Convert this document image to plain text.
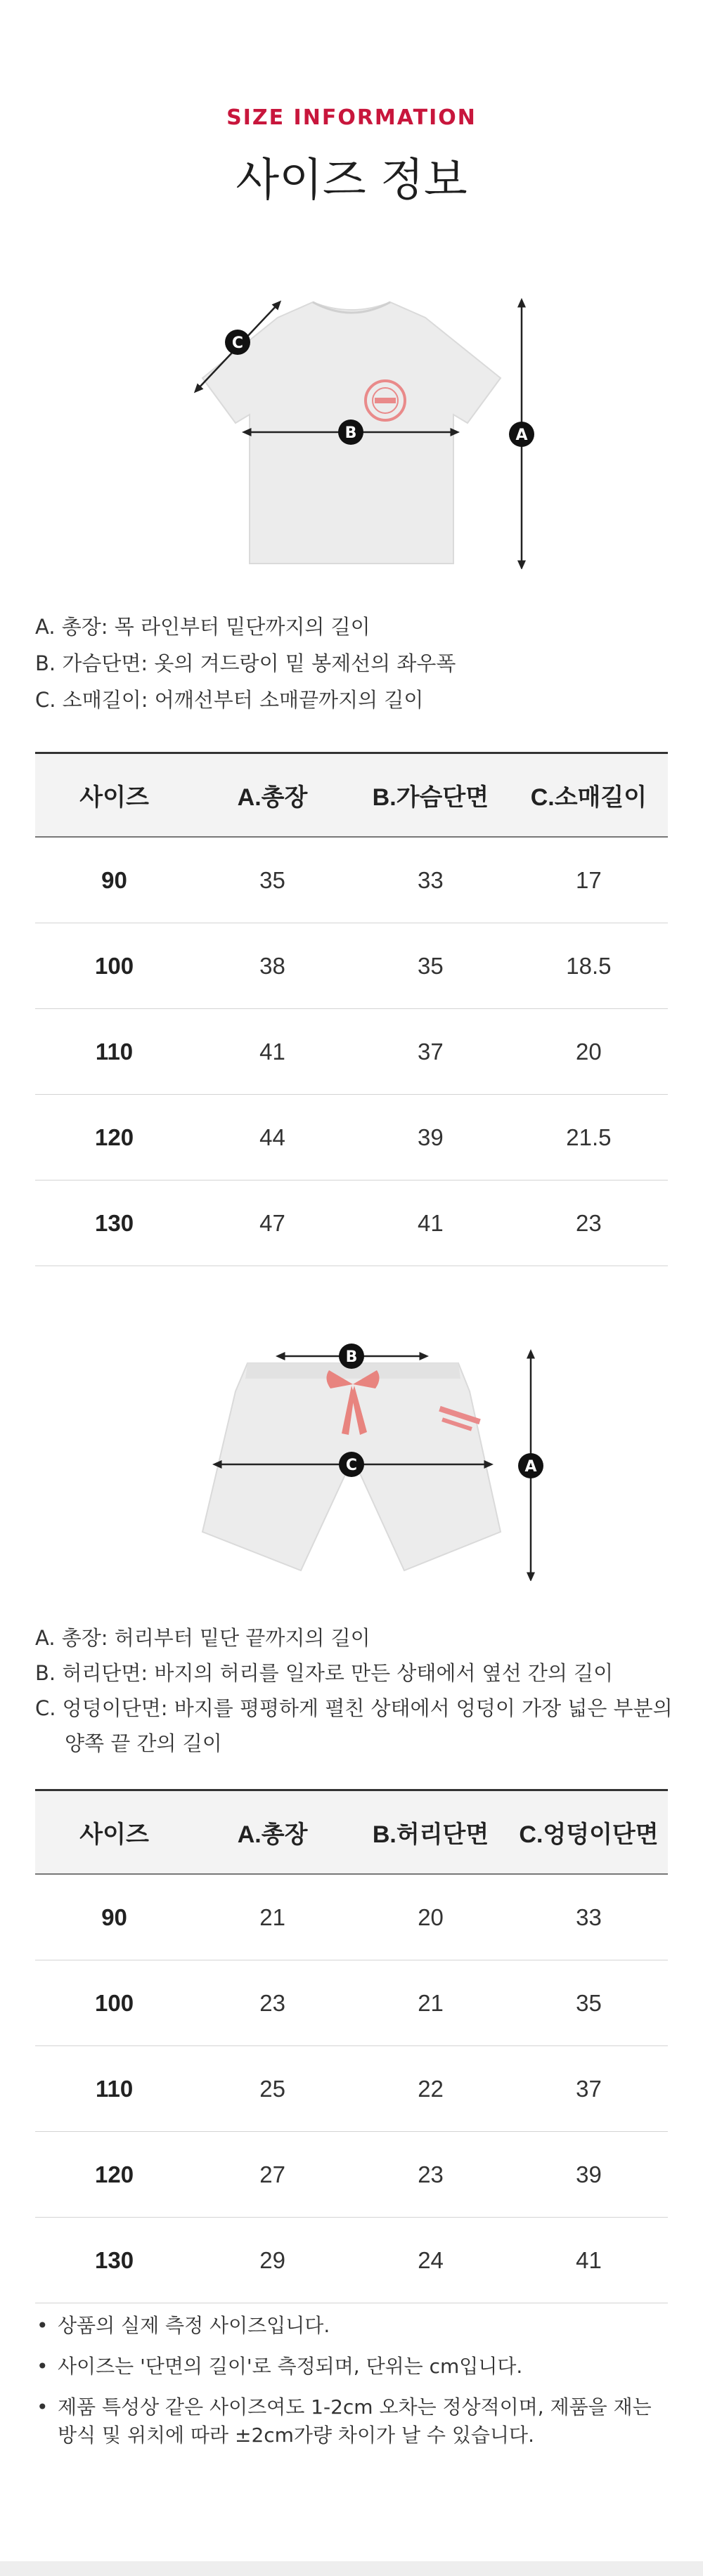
SIZE INFORMATION
사이즈 정보
C
B	A
A. 총장: 목 라인부터 밑단까지의 길이
B. 가슴단면: 옷의 겨드랑이 밑 봉제선의 좌우폭
C. 소매길이: 어깨선부터 소매끝까지의 길이
사이즈	A.총장	B.가슴단면	C.소매길이
90	35	33	17
100	38	35	18.5
110	41	37	20
120	44	39	21.5
130	47	41	23
B
C	A
A. 총장: 허리부터 밑단 끝까지의 길이
B. 허리단면: 바지의 허리를 일자로 만든 상태에서 옆선 간의 길이
C. 엉덩이단면: 바지를 평평하게 펼친 상태에서 엉덩이 가장 넓은 부분의
양쪽 끝 간의 길이
사이즈	A.총장	B.허리단면	C.엉덩이단면
90	21	20	33
100	23	21	35
110	25	22	37
120	27	23	39
130	29	24	41
• 상품의 실제 측정 사이즈입니다.
• 사이즈는 '단면의 길이'로 측정되며, 단위는 cm입니다.
• 제품 특성상 같은 사이즈여도 1-2cm 오차는 정상적이며, 제품을 재는 방식 및 위치에 따라 ±2cm가량 차이가 날 수 있습니다.
